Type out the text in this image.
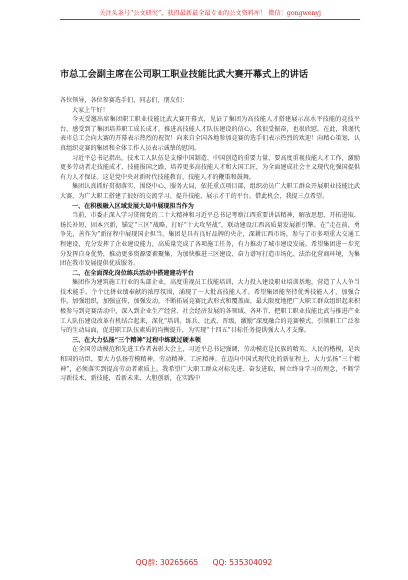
关注头条号“公文研究”，获得最新最全最专业的公文资料库！ 微信：gongwenyj
市总工会副主席在公司职工职业技能比武大赛开幕式上的讲话

各位领导，各位参赛选手们，同志们，朋友们：

大家上午好！

今天受邀出席集团职工职业技能比武大赛开幕式，见证了集团为高技能人才搭建展示高水平技能的竞技平台，感受到了集团培养职工成长成才，推进高技能人才队伍建设的信心，我很受振奋，也很欣慰。在此，我谨代表市总工会向大赛的开幕表示热烈的祝贺！向来自全国各地参加竞赛的选手们表示热烈的欢迎！向精心策划，认真组织竞赛的集团和全体工作人员表示诚挚的慰问。

习近平总书记指出，技术工人队伍是支撑中国制造、中国创造的重要力量，要高度重视技能人才工作，激励更多劳动者走技能成才、技能报国之路，培养更多高技能人才和大国工匠，为全面建成社会主义现代化强国提供有力人才保证。这是党中央对新时代技能教育、技能人才的鞭策和鼓舞。

集团认真抓好贯彻落实，围绕中心、服务大局，依托重点项目部，组织动员广大职工群众开展职业技能比武大赛，为广大职工搭建了很好的交流学习、提升技能、展示才干的平台。借此机会，我提三点希望。

一、在积极融入区域发展大局中展现担当作为

当前，市委正深入学习贯彻党的二十大精神和习近平总书记考察江西重要讲话精神，解放思想、开拓进取，扬长补短，固本兴新，锚定“三区”战略，打好“十大攻坚战”，联动建设江西高质量发展新引擎。在“走在前，勇争先，善作为”新征程中展现国企担当。集团是具有良好品牌的央企，深耕江西市场，参与了市多项重大交通工程建设，充分发挥了企业建设能力，高质量完成了各项施工任务，有力推动了城市建设发展。希望集团进一步充分发挥自身优势，推动更多资源要素聚集，为加快推进三区建设、奋力谱写打造市场化、法治化营商环境，为集团在我市发展提供优质服务。

二、在全面深化岗位练兵活动中搭建建功平台

集团作为建筑施工行业的头部企业，高度重视员工技能培训，大力投入建设职业培训基地，营造了人人争当技术能手、个个比拼业绩奉献的浓厚氛围，涌现了一大批高技能人才。希望集团能坚持优秀技能人才，加强合作。加强组织，加强宣传，加强发动，不断拓展竞赛比武形式和覆盖面，最大限度地把广大职工群众组织起来积极参与到竞赛活动中，深入到企业生产经营、社会经济发展的各领域、各环节，把职工职业技能比武与推进产业工人队伍建设改革有机结合起来，深化“培训、练兵、比武、晋级、激励”深度融合的竞赛模式，引领职工广泛参与的生动局面，促进职工队伍素质的均衡提升，为实现“十四五”目标任务提供强大人才支撑。

三、在大力弘扬“三个精神”过程中练就过硬本领

在全国劳动模范和先进工作者表彰大会上，习近平总书记强调，劳动模范是民族的精英、人民的楷模，是共和国的功臣，要大力弘扬劳模精神、劳动精神、工匠精神。在迈向中国式现代化的新征程上，大力弘扬“三个精神”，必须落实到提高劳动者素质上。我希望广大职工群众对标先进、奋发进取，树立终身学习的理念，不断学习新技术、新技能，看新未来、大胆创新，在实践中

QQ群: 30265665 QQ: 535304092
